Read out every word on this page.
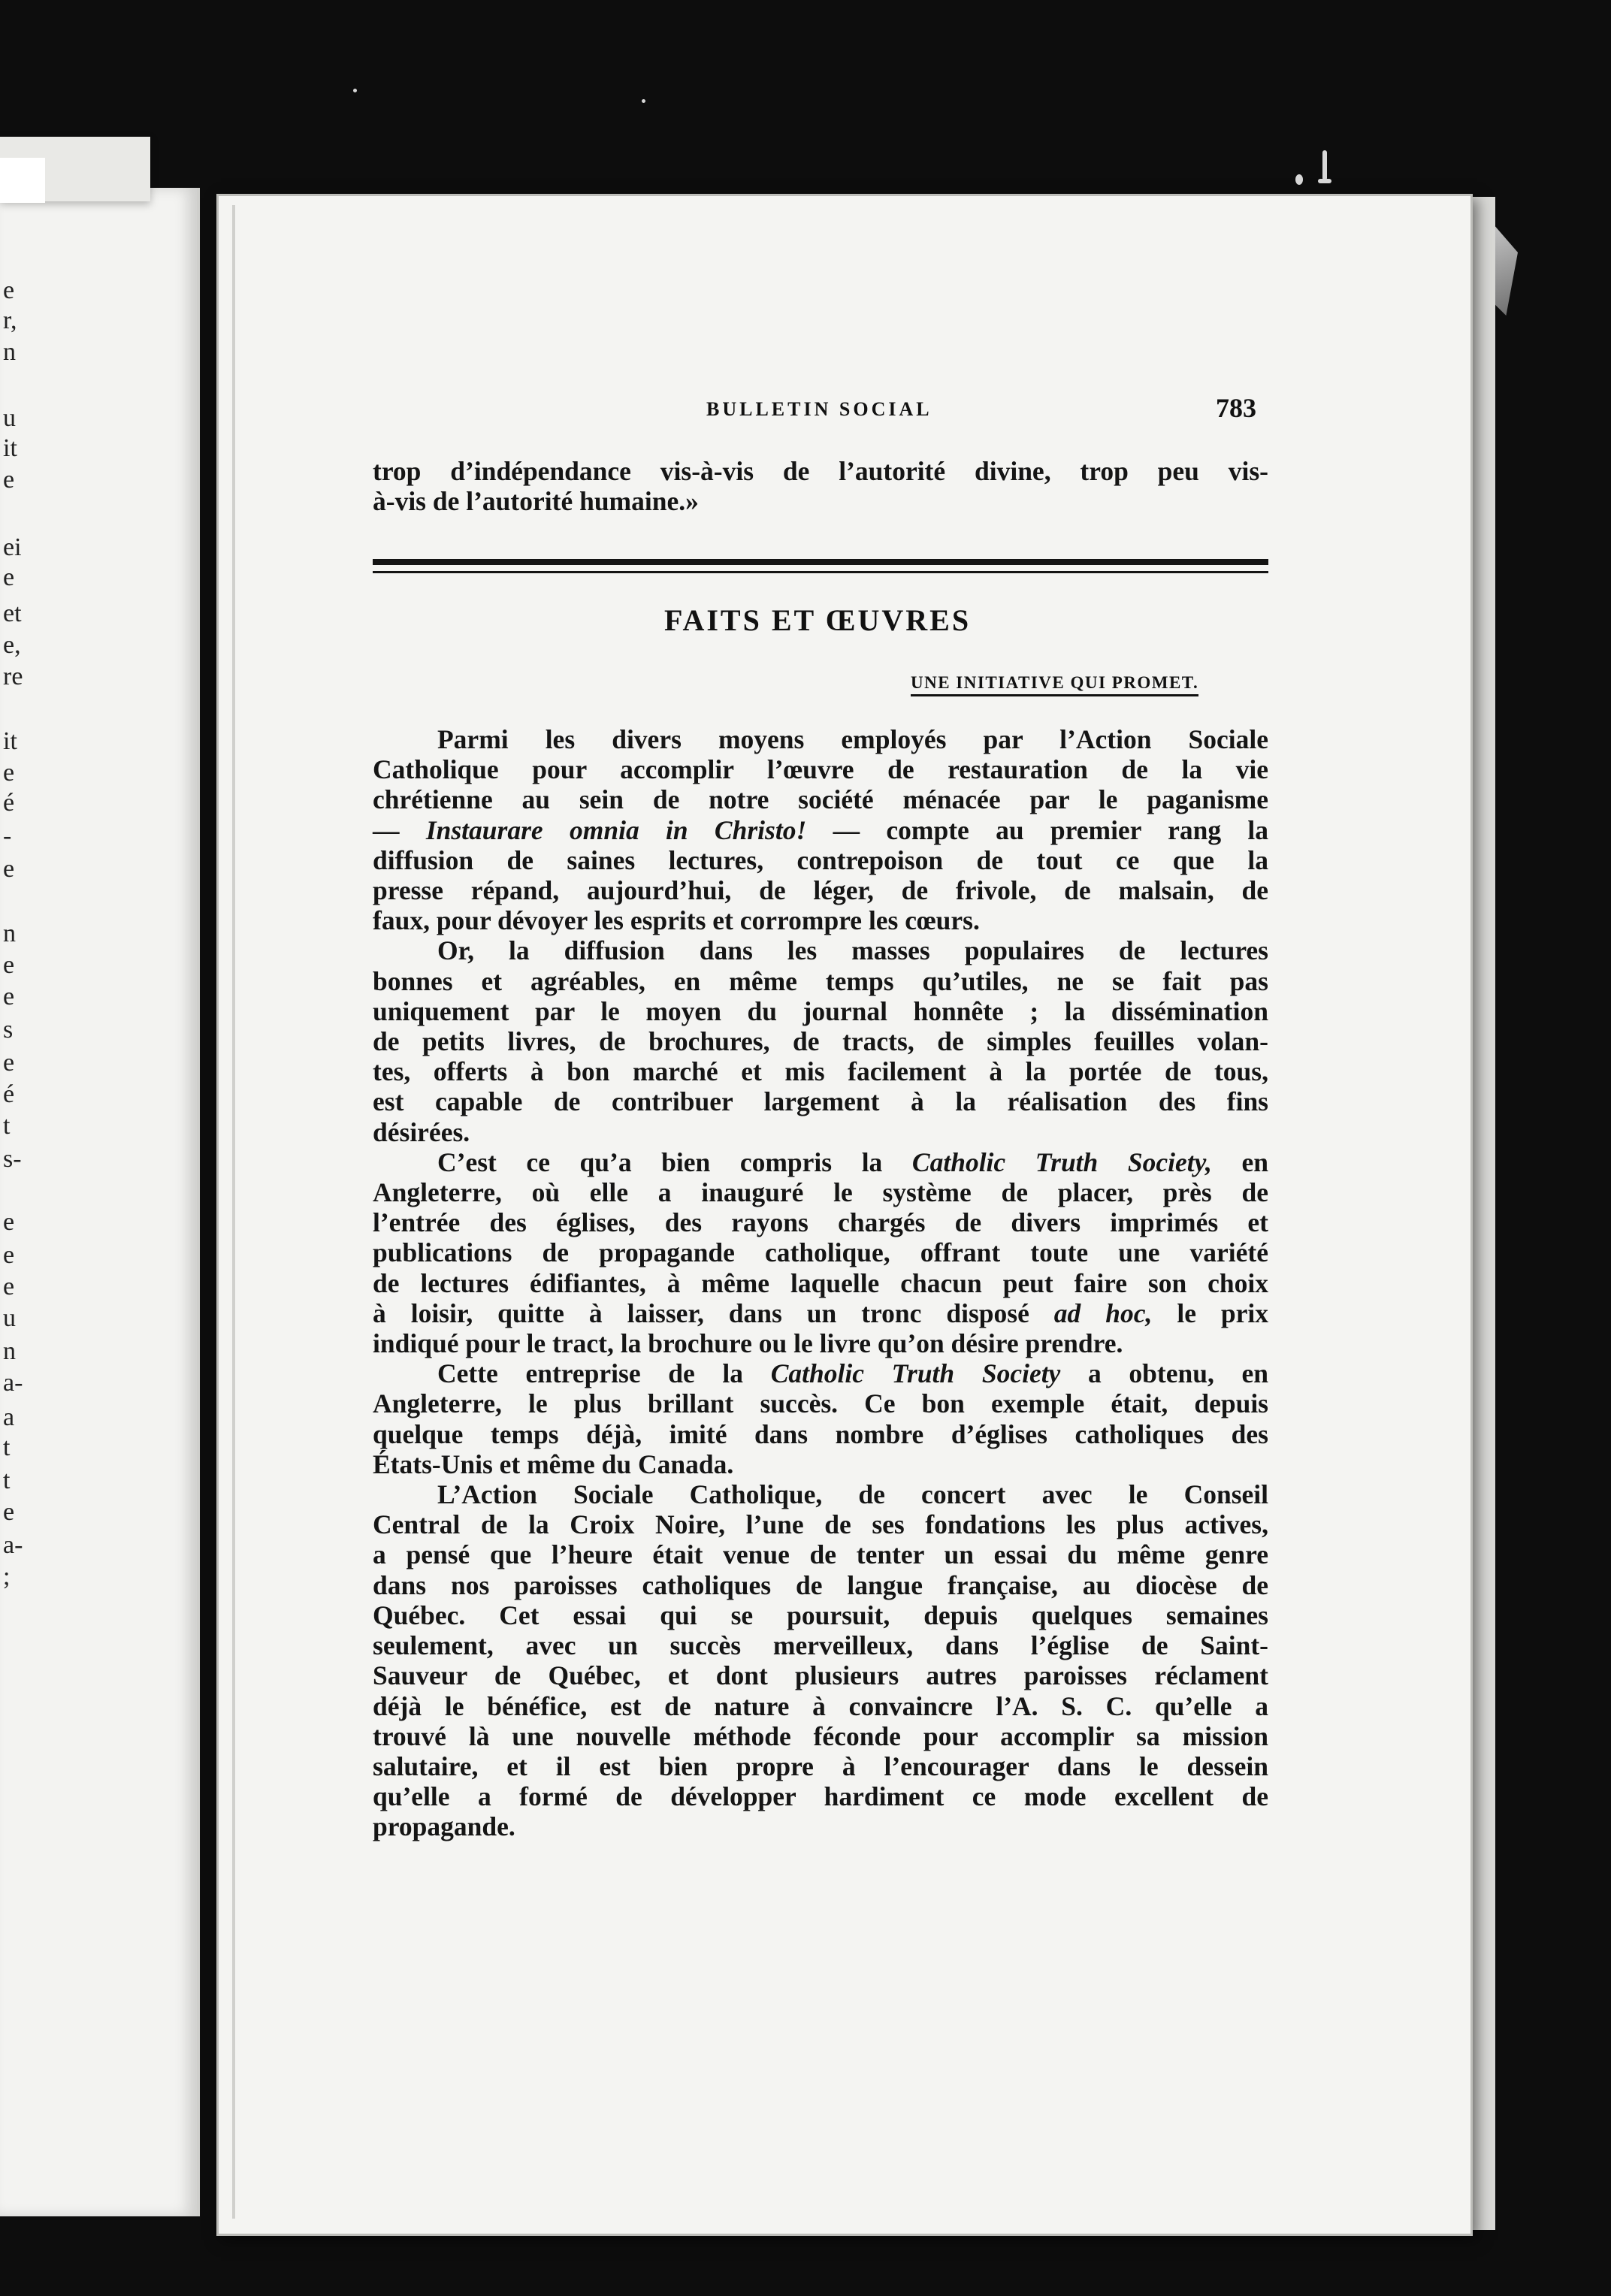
e
r,
n
u
it
e
ei
e
et
e,
re
it
e
é
-
e
n
e
e
s
e
é
t
s-
e
e
e
u
n
a-
a
t
t
e
a-
;
BULLETIN SOCIAL	783
trop d’indépendance vis-à-vis de l’autorité divine, trop peu vis-
à-vis de l’autorité humaine.»
FAITS ET ŒUVRES
UNE INITIATIVE QUI PROMET.
Parmi les divers moyens employés par l’Action Sociale
Catholique pour accomplir l’œuvre de restauration de la vie
chrétienne au sein de notre société ménacée par le paganisme
— Instaurare omnia in Christo! — compte au premier rang la
diffusion de saines lectures, contrepoison de tout ce que la
presse répand, aujourd’hui, de léger, de frivole, de malsain, de
faux, pour dévoyer les esprits et corrompre les cœurs.
Or, la diffusion dans les masses populaires de lectures
bonnes et agréables, en même temps qu’utiles, ne se fait pas
uniquement par le moyen du journal honnête ; la dissémination
de petits livres, de brochures, de tracts, de simples feuilles volan-
tes, offerts à bon marché et mis facilement à la portée de tous,
est capable de contribuer largement à la réalisation des fins
désirées.
C’est ce qu’a bien compris la Catholic Truth Society, en
Angleterre, où elle a inauguré le système de placer, près de
l’entrée des églises, des rayons chargés de divers imprimés et
publications de propagande catholique, offrant toute une variété
de lectures édifiantes, à même laquelle chacun peut faire son choix
à loisir, quitte à laisser, dans un tronc disposé ad hoc, le prix
indiqué pour le tract, la brochure ou le livre qu’on désire prendre.
Cette entreprise de la Catholic Truth Society a obtenu, en
Angleterre, le plus brillant succès. Ce bon exemple était, depuis
quelque temps déjà, imité dans nombre d’églises catholiques des
États-Unis et même du Canada.
L’Action Sociale Catholique, de concert avec le Conseil
Central de la Croix Noire, l’une de ses fondations les plus actives,
a pensé que l’heure était venue de tenter un essai du même genre
dans nos paroisses catholiques de langue française, au diocèse de
Québec. Cet essai qui se poursuit, depuis quelques semaines
seulement, avec un succès merveilleux, dans l’église de Saint-
Sauveur de Québec, et dont plusieurs autres paroisses réclament
déjà le bénéfice, est de nature à convaincre l’A. S. C. qu’elle a
trouvé là une nouvelle méthode féconde pour accomplir sa mission
salutaire, et il est bien propre à l’encourager dans le dessein
qu’elle a formé de développer hardiment ce mode excellent de
propagande.
